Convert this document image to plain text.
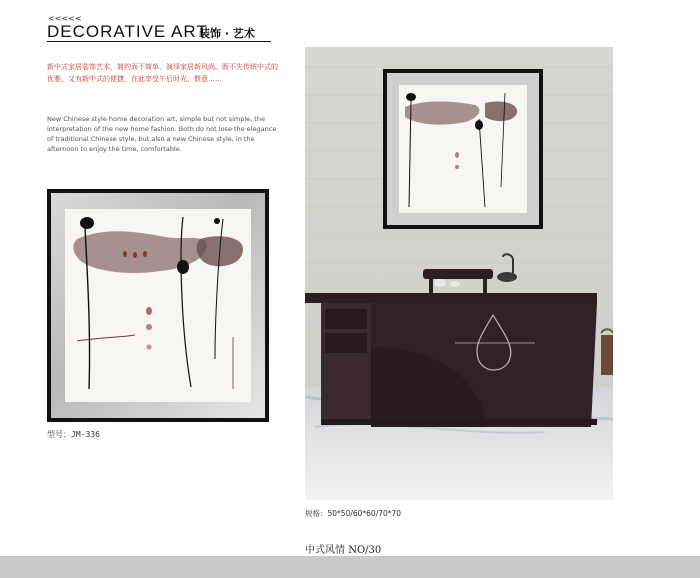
<<<<<
DECORATIVE ART
装饰 · 艺术
新中式家居装饰艺术，简约而不简单，演绎家居新风尚。既不失传统中式的优雅，又有新中式的便捷，在此享受午后时光，惬意……
New Chinese style home decoration art, simple but not simple, the interpretation of the new home fashion. Both do not lose the elegance of traditional Chinese style, but also a new Chinese style, in the afternoon to enjoy the time, comfortable.
型号：JM-336
规格：50*50/60*60/70*70
中式风情 NO/30
